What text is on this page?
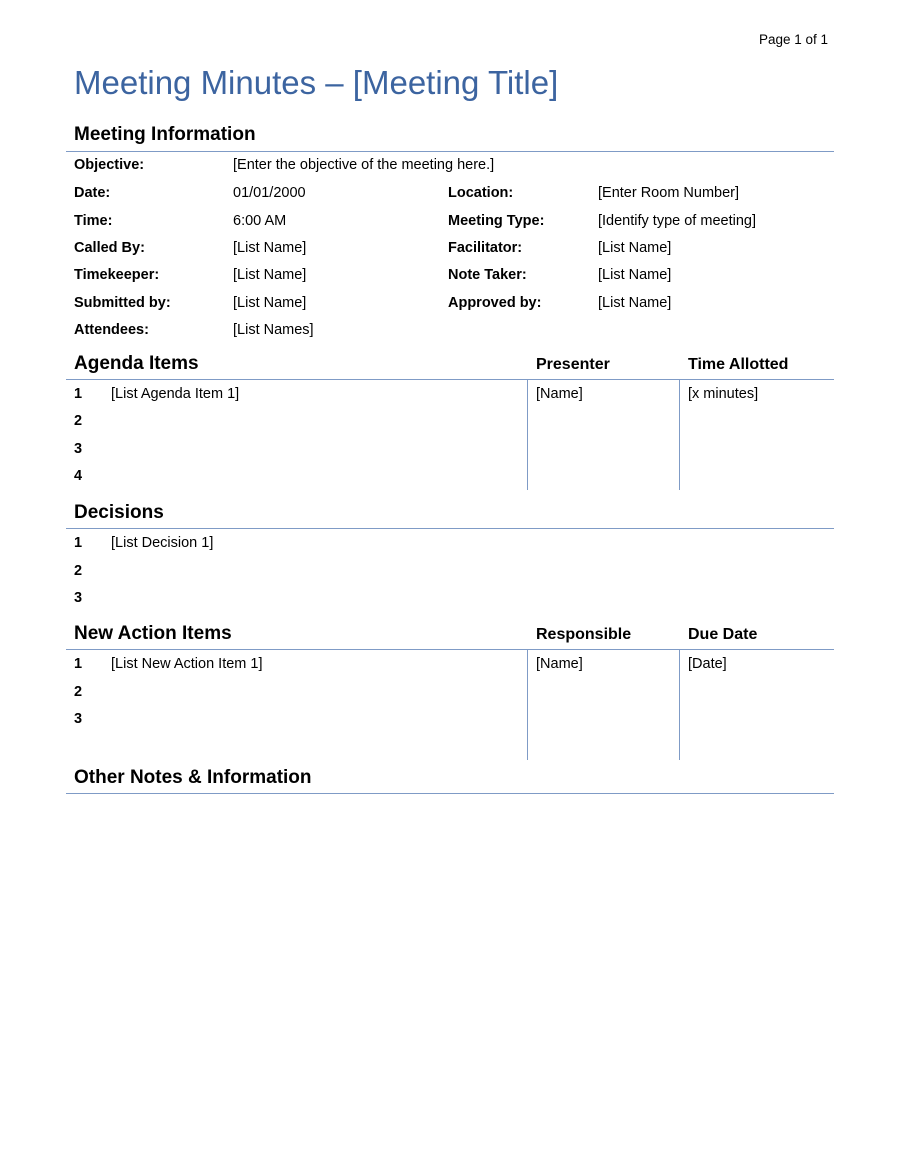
Page 1 of 1
Meeting Minutes – [Meeting Title]
Meeting Information
Objective:	[Enter the objective of the meeting here.]
Date:	01/01/2000	Location:	[Enter Room Number]
Time:	6:00 AM	Meeting Type:	[Identify type of meeting]
Called By:	[List Name]	Facilitator:	[List Name]
Timekeeper:	[List Name]	Note Taker:	[List Name]
Submitted by:	[List Name]	Approved by:	[List Name]
Attendees:	[List Names]
Agenda Items	Presenter	Time Allotted
1 [List Agenda Item 1]	[Name]	[x minutes]
2
3
4
Decisions
1 [List Decision 1]
2
3
New Action Items	Responsible	Due Date
1 [List New Action Item 1]	[Name]	[Date]
2
3
Other Notes & Information
